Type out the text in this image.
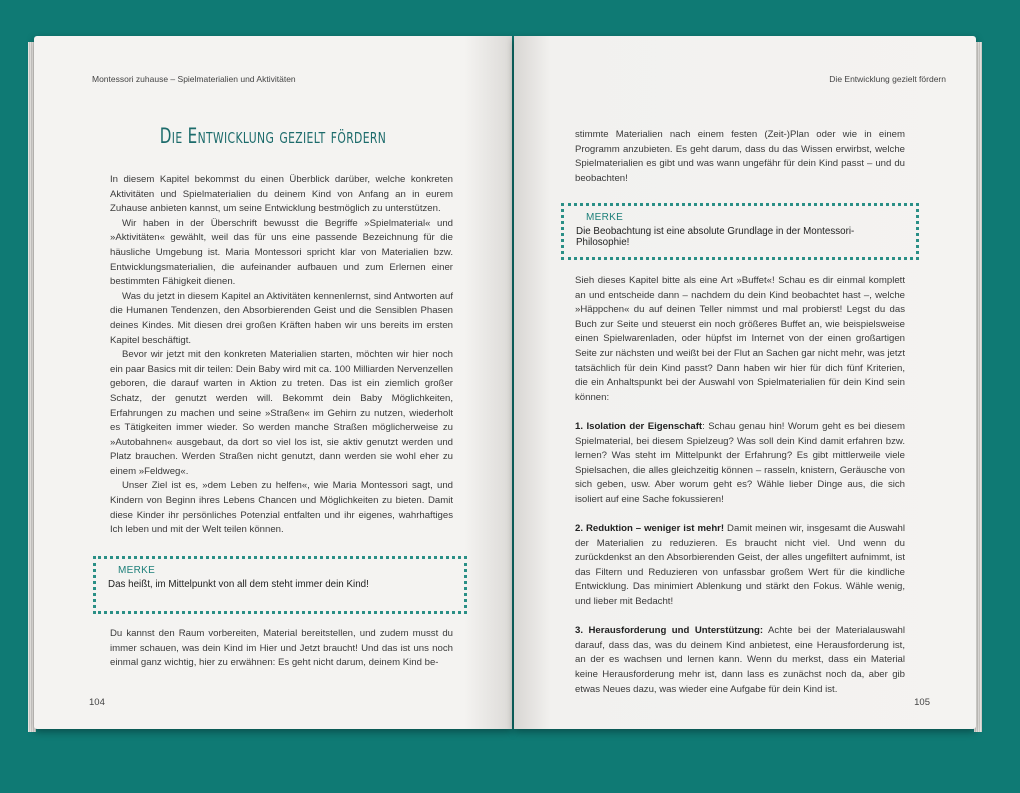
Montessori zuhause – Spielmaterialien und Aktivitäten
Die Entwicklung gezielt fördern

In diesem Kapitel bekommst du einen Überblick darüber, welche konkreten Aktivitäten und Spielmaterialien du deinem Kind von Anfang an in eurem Zuhause anbieten kannst, um seine Entwicklung bestmöglich zu unterstützen.

Wir haben in der Überschrift bewusst die Begriffe »Spielmaterial« und »Aktivitäten« gewählt, weil das für uns eine passende Bezeichnung für die häusliche Umgebung ist. Maria Montessori spricht klar von Materialien bzw. Entwicklungsmaterialien, die aufeinander aufbauen und zum Erlernen einer bestimmten Fähigkeit dienen.

Was du jetzt in diesem Kapitel an Aktivitäten kennenlernst, sind Antworten auf die Humanen Tendenzen, den Absorbierenden Geist und die Sensiblen Phasen deines Kindes. Mit diesen drei großen Kräften haben wir uns bereits im ersten Kapitel beschäftigt.

Bevor wir jetzt mit den konkreten Materialien starten, möchten wir hier noch ein paar Basics mit dir teilen: Dein Baby wird mit ca. 100 Milliarden Nervenzellen geboren, die darauf warten in Aktion zu treten. Das ist ein ziemlich großer Schatz, der genutzt werden will. Bekommt dein Baby Möglichkeiten, Erfahrungen zu machen und seine »Straßen« im Gehirn zu nutzen, wiederholt es Tätigkeiten immer wieder. So werden manche Straßen möglicherweise zu »Autobahnen« ausgebaut, da dort so viel los ist, sie aktiv genutzt werden und Platz brauchen. Werden Straßen nicht genutzt, dann werden sie wohl eher zu einem »Feldweg«.

Unser Ziel ist es, »dem Leben zu helfen«, wie Maria Montessori sagt, und Kindern von Beginn ihres Lebens Chancen und Möglichkeiten zu bieten. Damit diese Kinder ihr persönliches Potenzial entfalten und ihr eigenes, wahrhaftiges Ich leben und mit der Welt teilen können.

MERKE
Das heißt, im Mittelpunkt von all dem steht immer dein Kind!

Du kannst den Raum vorbereiten, Material bereitstellen, und zudem musst du immer schauen, was dein Kind im Hier und Jetzt braucht! Und das ist uns noch einmal ganz wichtig, hier zu erwähnen: Es geht nicht darum, deinem Kind be-

104
Die Entwicklung gezielt fördern

stimmte Materialien nach einem festen (Zeit-)Plan oder wie in einem Programm anzubieten. Es geht darum, dass du das Wissen erwirbst, welche Spielmaterialien es gibt und was wann ungefähr für dein Kind passt – und du beobachten!

MERKE
Die Beobachtung ist eine absolute Grundlage in der Montessori-Philosophie!

Sieh dieses Kapitel bitte als eine Art »Buffet«! Schau es dir einmal komplett an und entscheide dann – nachdem du dein Kind beobachtet hast –, welche »Häppchen« du auf deinen Teller nimmst und mal probierst! Legst du das Buch zur Seite und steuerst ein noch größeres Buffet an, wie beispielsweise einen Spielwarenladen, oder hüpfst im Internet von der einen großartigen Seite zur nächsten und weißt bei der Flut an Sachen gar nicht mehr, was jetzt tatsächlich für dein Kind passt? Dann haben wir hier für dich fünf Kriterien, die ein Anhaltspunkt bei der Auswahl von Spielmaterialien für dein Kind sein können:

1. Isolation der Eigenschaft: Schau genau hin! Worum geht es bei diesem Spielmaterial, bei diesem Spielzeug? Was soll dein Kind damit erfahren bzw. lernen? Was steht im Mittelpunkt der Erfahrung? Es gibt mittlerweile viele Spielsachen, die alles gleichzeitig können – rasseln, knistern, Geräusche von sich geben, usw. Aber worum geht es? Wähle lieber Dinge aus, die sich isoliert auf eine Sache fokussieren!

2. Reduktion – weniger ist mehr! Damit meinen wir, insgesamt die Auswahl der Materialien zu reduzieren. Es braucht nicht viel. Und wenn du zurückdenkst an den Absorbierenden Geist, der alles ungefiltert aufnimmt, ist das Filtern und Reduzieren von unfassbar großem Wert für die kindliche Entwicklung. Das minimiert Ablenkung und stärkt den Fokus. Wähle wenig, und lieber mit Bedacht!

3. Herausforderung und Unterstützung: Achte bei der Materialauswahl darauf, dass das, was du deinem Kind anbietest, eine Herausforderung ist, an der es wachsen und lernen kann. Wenn du merkst, dass ein Material keine Herausforderung mehr ist, dann lass es zunächst noch da, aber gib etwas Neues dazu, was wieder eine Aufgabe für dein Kind ist.

105
